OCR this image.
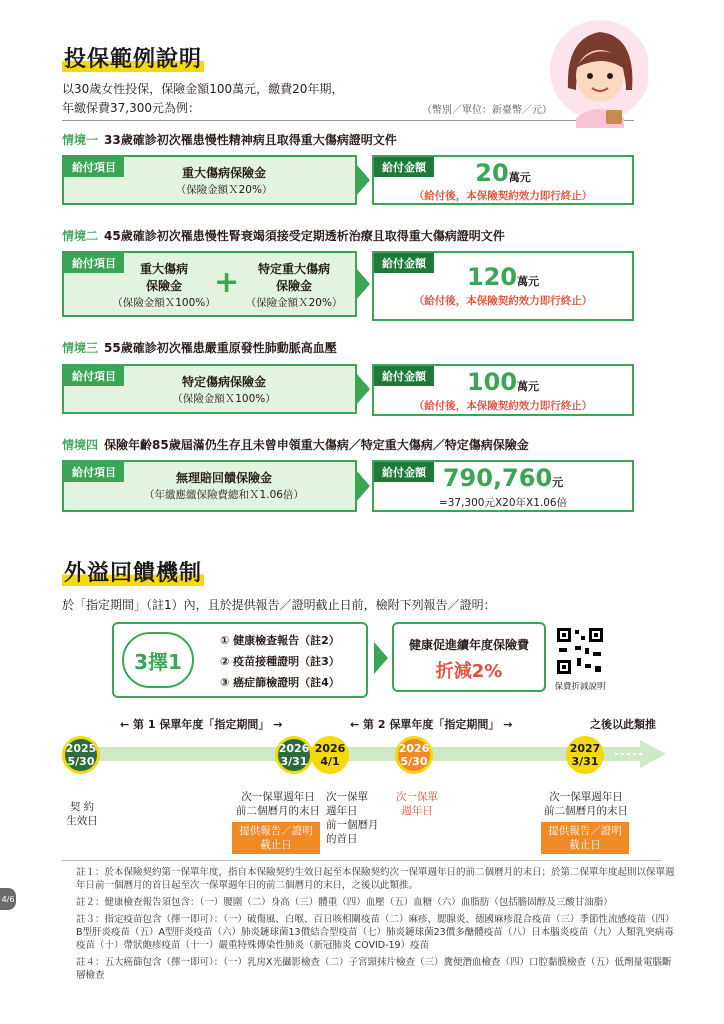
投保範例說明
以30歲女性投保，保險金額100萬元，繳費20年期，
年繳保費37,300元為例：	（幣別／單位：新臺幣／元）
情境一 33歲確診初次罹患慢性精神病且取得重大傷病證明文件
給付項目	重大傷病保險金
（保險金額Ｘ20%）
給付金額	20萬元
（給付後，本保險契約效力即行終止）
情境二 45歲確診初次罹患慢性腎衰竭須接受定期透析治療且取得重大傷病證明文件
給付項目	重大傷病
保險金
（保險金額Ｘ100%）
+	特定重大傷病
保險金
（保險金額Ｘ20%）
給付金額	120萬元
（給付後，本保險契約效力即行終止）
情境三 55歲確診初次罹患嚴重原發性肺動脈高血壓
給付項目	特定傷病保險金
（保險金額Ｘ100%）
給付金額	100萬元
（給付後，本保險契約效力即行終止）
情境四 保險年齡85歲屆滿仍生存且未曾申領重大傷病／特定重大傷病／特定傷病保險金
給付項目	無理賠回饋保險金
（年繳應繳保險費總和Ｘ1.06倍）
給付金額 790,760元
=37,300元X20年X1.06倍
外溢回饋機制
於「指定期間」（註1）內，且於提供報告／證明截止日前，檢附下列報告／證明：
3擇1
① 健康檢查報告（註2）
② 疫苗接種證明（註3）
③ 癌症篩檢證明（註4）
健康促進續年度保險費
折減2%
保費折減說明
← 第 1 保單年度「指定期間」 →	← 第 2 保單年度「指定期間」 →	之後以此類推
2025
5/30
2026
3/31
2026
4/1
2026
5/30
2027
3/31
契 約
生效日
次一保單週年日
前二個曆月的末日
提供報告／證明
截止日
次一保單
週年日
前一個曆月
的首日
次一保單
週年日
次一保單週年日
前二個曆月的末日
提供報告／證明
截止日
註１：於本保險契約第一保單年度，指自本保險契約生效日起至本保險契約次一保單週年日的前二個曆月的末日；於第二保單年度起則以保單週年日前一個曆月的首日起至次一保單週年日的前二個曆月的末日，之後以此類推。
註２：健康檢查報告須包含：（一）腰圍（二）身高（三）體重（四）血壓（五）血糖（六）血脂肪（包括膽固醇及三酸甘油脂）
註３：指定疫苗包含（擇一即可）：（一）破傷風、白喉、百日咳相關疫苗（二）麻疹、腮腺炎、德國麻疹混合疫苗（三）季節性流感疫苗（四）B型肝炎疫苗（五）A型肝炎疫苗（六）肺炎鏈球菌13價結合型疫苗（七）肺炎鏈球菌23價多醣體疫苗（八）日本腦炎疫苗（九）人類乳突病毒疫苗（十）帶狀皰疹疫苗（十一）嚴重特殊傳染性肺炎（新冠肺炎 COVID-19）疫苗
註４：五大癌篩包含（擇一即可）：（一）乳房X光攝影檢查（二）子宮頸抹片檢查（三）糞便潛血檢查（四）口腔黏膜檢查（五）低劑量電腦斷層檢查
4/6
